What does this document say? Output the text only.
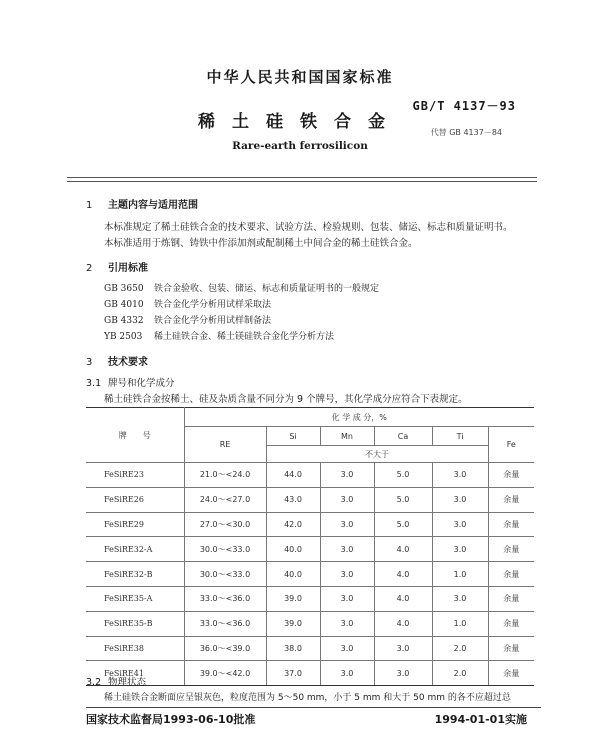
中华人民共和国国家标准
GB/T 4137－93
稀土硅铁合金
代替 GB 4137－84
Rare-earth ferrosilicon
1 主题内容与适用范围
本标准规定了稀土硅铁合金的技术要求、试验方法、检验规则、包装、储运、标志和质量证明书。
本标准适用于炼钢、铸铁中作添加剂或配制稀土中间合金的稀土硅铁合金。
2 引用标准
GB 3650 铁合金验收、包装、储运、标志和质量证明书的一般规定
GB 4010 铁合金化学分析用试样采取法
GB 4332 铁合金化学分析用试样制备法
YB 2503 稀土硅铁合金、稀土镁硅铁合金化学分析方法
3 技术要求
3.1 牌号和化学成分
稀土硅铁合金按稀土、硅及杂质含量不同分为 9 个牌号，其化学成分应符合下表规定。
牌　　号	化 学 成 分，%					
	RE	Si	Mn	Ca	Ti	Fe
		不大于				
FeSiRE23	21.0～<24.0	44.0	3.0	5.0	3.0	余量
FeSiRE26	24.0～<27.0	43.0	3.0	5.0	3.0	余量
FeSiRE29	27.0～<30.0	42.0	3.0	5.0	3.0	余量
FeSiRE32-A	30.0～<33.0	40.0	3.0	4.0	3.0	余量
FeSiRE32-B	30.0～<33.0	40.0	3.0	4.0	1.0	余量
FeSiRE35-A	33.0～<36.0	39.0	3.0	4.0	3.0	余量
FeSiRE35-B	33.0～<36.0	39.0	3.0	4.0	1.0	余量
FeSiRE38	36.0～<39.0	38.0	3.0	3.0	2.0	余量
FeSiRE41	39.0～<42.0	37.0	3.0	3.0	2.0	余量
3.2 物理状态
稀土硅铁合金断面应呈银灰色，粒度范围为 5～50 mm，小于 5 mm 和大于 50 mm 的各不应超过总
国家技术监督局1993-06-10批准	1994-01-01实施
